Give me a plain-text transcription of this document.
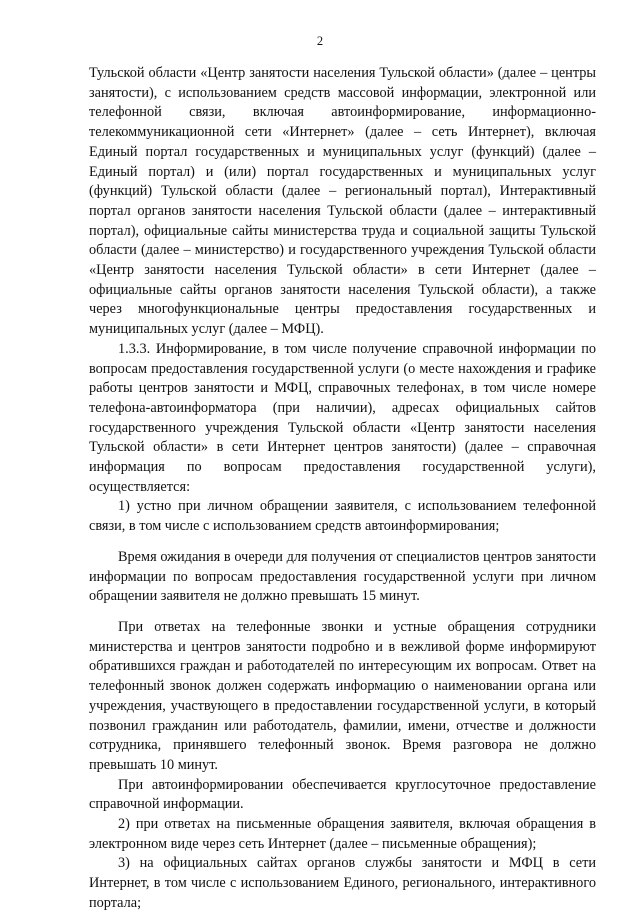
2

Тульской области «Центр занятости населения Тульской области» (далее – центры занятости), с использованием средств массовой информации, электронной или телефонной связи, включая автоинформирование, информационно-телекоммуникационной сети «Интернет» (далее – сеть Интернет), включая Единый портал государственных и муниципальных услуг (функций) (далее – Единый портал) и (или) портал государственных и муниципальных услуг (функций) Тульской области (далее – региональный портал), Интерактивный портал органов занятости населения Тульской области (далее – интерактивный портал), официальные сайты министерства труда и социальной защиты Тульской области (далее – министерство) и государственного учреждения Тульской области «Центр занятости населения Тульской области» в сети Интернет (далее – официальные сайты органов занятости населения Тульской области), а также через многофункциональные центры предоставления государственных и муниципальных услуг (далее – МФЦ).

1.3.3. Информирование, в том числе получение справочной информации по вопросам предоставления государственной услуги (о месте нахождения и графике работы центров занятости и МФЦ, справочных телефонах, в том числе номере телефона-автоинформатора (при наличии), адресах официальных сайтов государственного учреждения Тульской области «Центр занятости населения Тульской области» в сети Интернет центров занятости) (далее – справочная информация по вопросам предоставления государственной услуги), осуществляется:

1) устно при личном обращении заявителя, с использованием телефонной связи, в том числе с использованием средств автоинформирования;

Время ожидания в очереди для получения от специалистов центров занятости информации по вопросам предоставления государственной услуги при личном обращении заявителя не должно превышать 15 минут.

При ответах на телефонные звонки и устные обращения сотрудники министерства и центров занятости подробно и в вежливой форме информируют обратившихся граждан и работодателей по интересующим их вопросам. Ответ на телефонный звонок должен содержать информацию о наименовании органа или учреждения, участвующего в предоставлении государственной услуги, в который позвонил гражданин или работодатель, фамилии, имени, отчестве и должности сотрудника, принявшего телефонный звонок. Время разговора не должно превышать 10 минут.

При автоинформировании обеспечивается круглосуточное предоставление справочной информации.

2) при ответах на письменные обращения заявителя, включая обращения в электронном виде через сеть Интернет (далее – письменные обращения);

3) на официальных сайтах органов службы занятости и МФЦ в сети Интернет, в том числе с использованием Единого, регионального, интерактивного портала;
